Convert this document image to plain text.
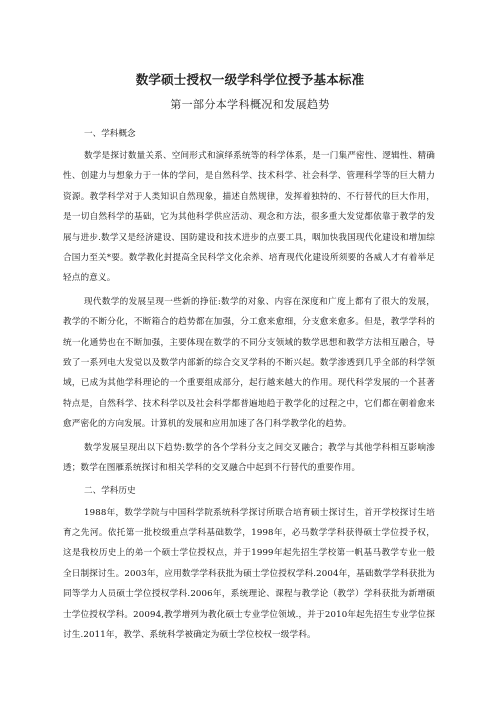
数学硕士授权一级学科学位授予基本标准
第一部分本学科概况和发展趋势
一、学科概念

数学是探讨数量关系、空间形式和演绎系统等的科学体系，是一门集严密性、逻辑性、精确性、创建力与想象力于一体的学问，是自然科学、技术科学、社会科学、管理科学等的巨大精力资源。教学科学对于人类知识自然现象，描述自然规律，发挥着独特的、不行替代的巨大作用，是一切自然科学的基础，它为其他科学供应活动、观念和方法，很多重大发觉都依靠于教学的发展与进步.数学又是经济建设、国防建设和技术进步的点要工具，咽加快我国现代化建设和增加综合国力至关*要。数学教化封提高全民科学文化余养、培育现代化建设所须要的各威人才有着举足轻点的意义。

现代数学的发展呈现一些新的挣征:数学的对象、内容在深度和广度上都有了很大的发展，教学的不断分化，不断箱合的趋势都在加强，分工愈来愈细，分支愈来愈多。但是，教学学科的统一化通势也在不断加强，主要体现在数学的不同分支领域的数学思想和教学方法相互融合，导致了一系列电大发觉以及数学内部新的综合交叉学科的不断兴起。数学渗透到几乎全部的科学领域，已成为其他学科理论的一个重要组成部分，起行越来越大的作用。现代科学发展的一个甚著特点是，自然科学、技术科学以及社会科学都普遍地趋于教学化的过程之中，它们都在朝着愈来愈严密化的方向发展。计算机的发展和应用加速了各门科学教学化的趋势。

数学发展呈现出以下趋势:数学的各个学科分支之间交叉融合；教学与其他学科相互影响渗透；数学在图雁系统探讨和相关学科的交叉融合中起到不行替代的重要作用。

二、学科历史

1988年，数学学院与中国科学院系统科学探讨所联合培育硕士探讨生，首开学校探讨生培育之先河。依托第一批校级重点学科基础数学，1998年，必马数学学科获得硕士学位授予权，这是我校历史上的弟一个硕士学位授权点，并于1999年起先招生学校第一帆基马教学专业一般全日制探讨生。2003年，应用数学学科获批为硕士学位授权学科.2004年，基础数学学科获批为同等学力人员硕士学位授权学科.2006年，系统理论、课程与教学论（教学）学科获批为新增硕士学位授权学科。20094,教学增列为教化硕士专业学位领域.，并于2010年起先招生专业学位探讨生.2011年，教学、系统科学被确定为硕士学位校权一级学科。
